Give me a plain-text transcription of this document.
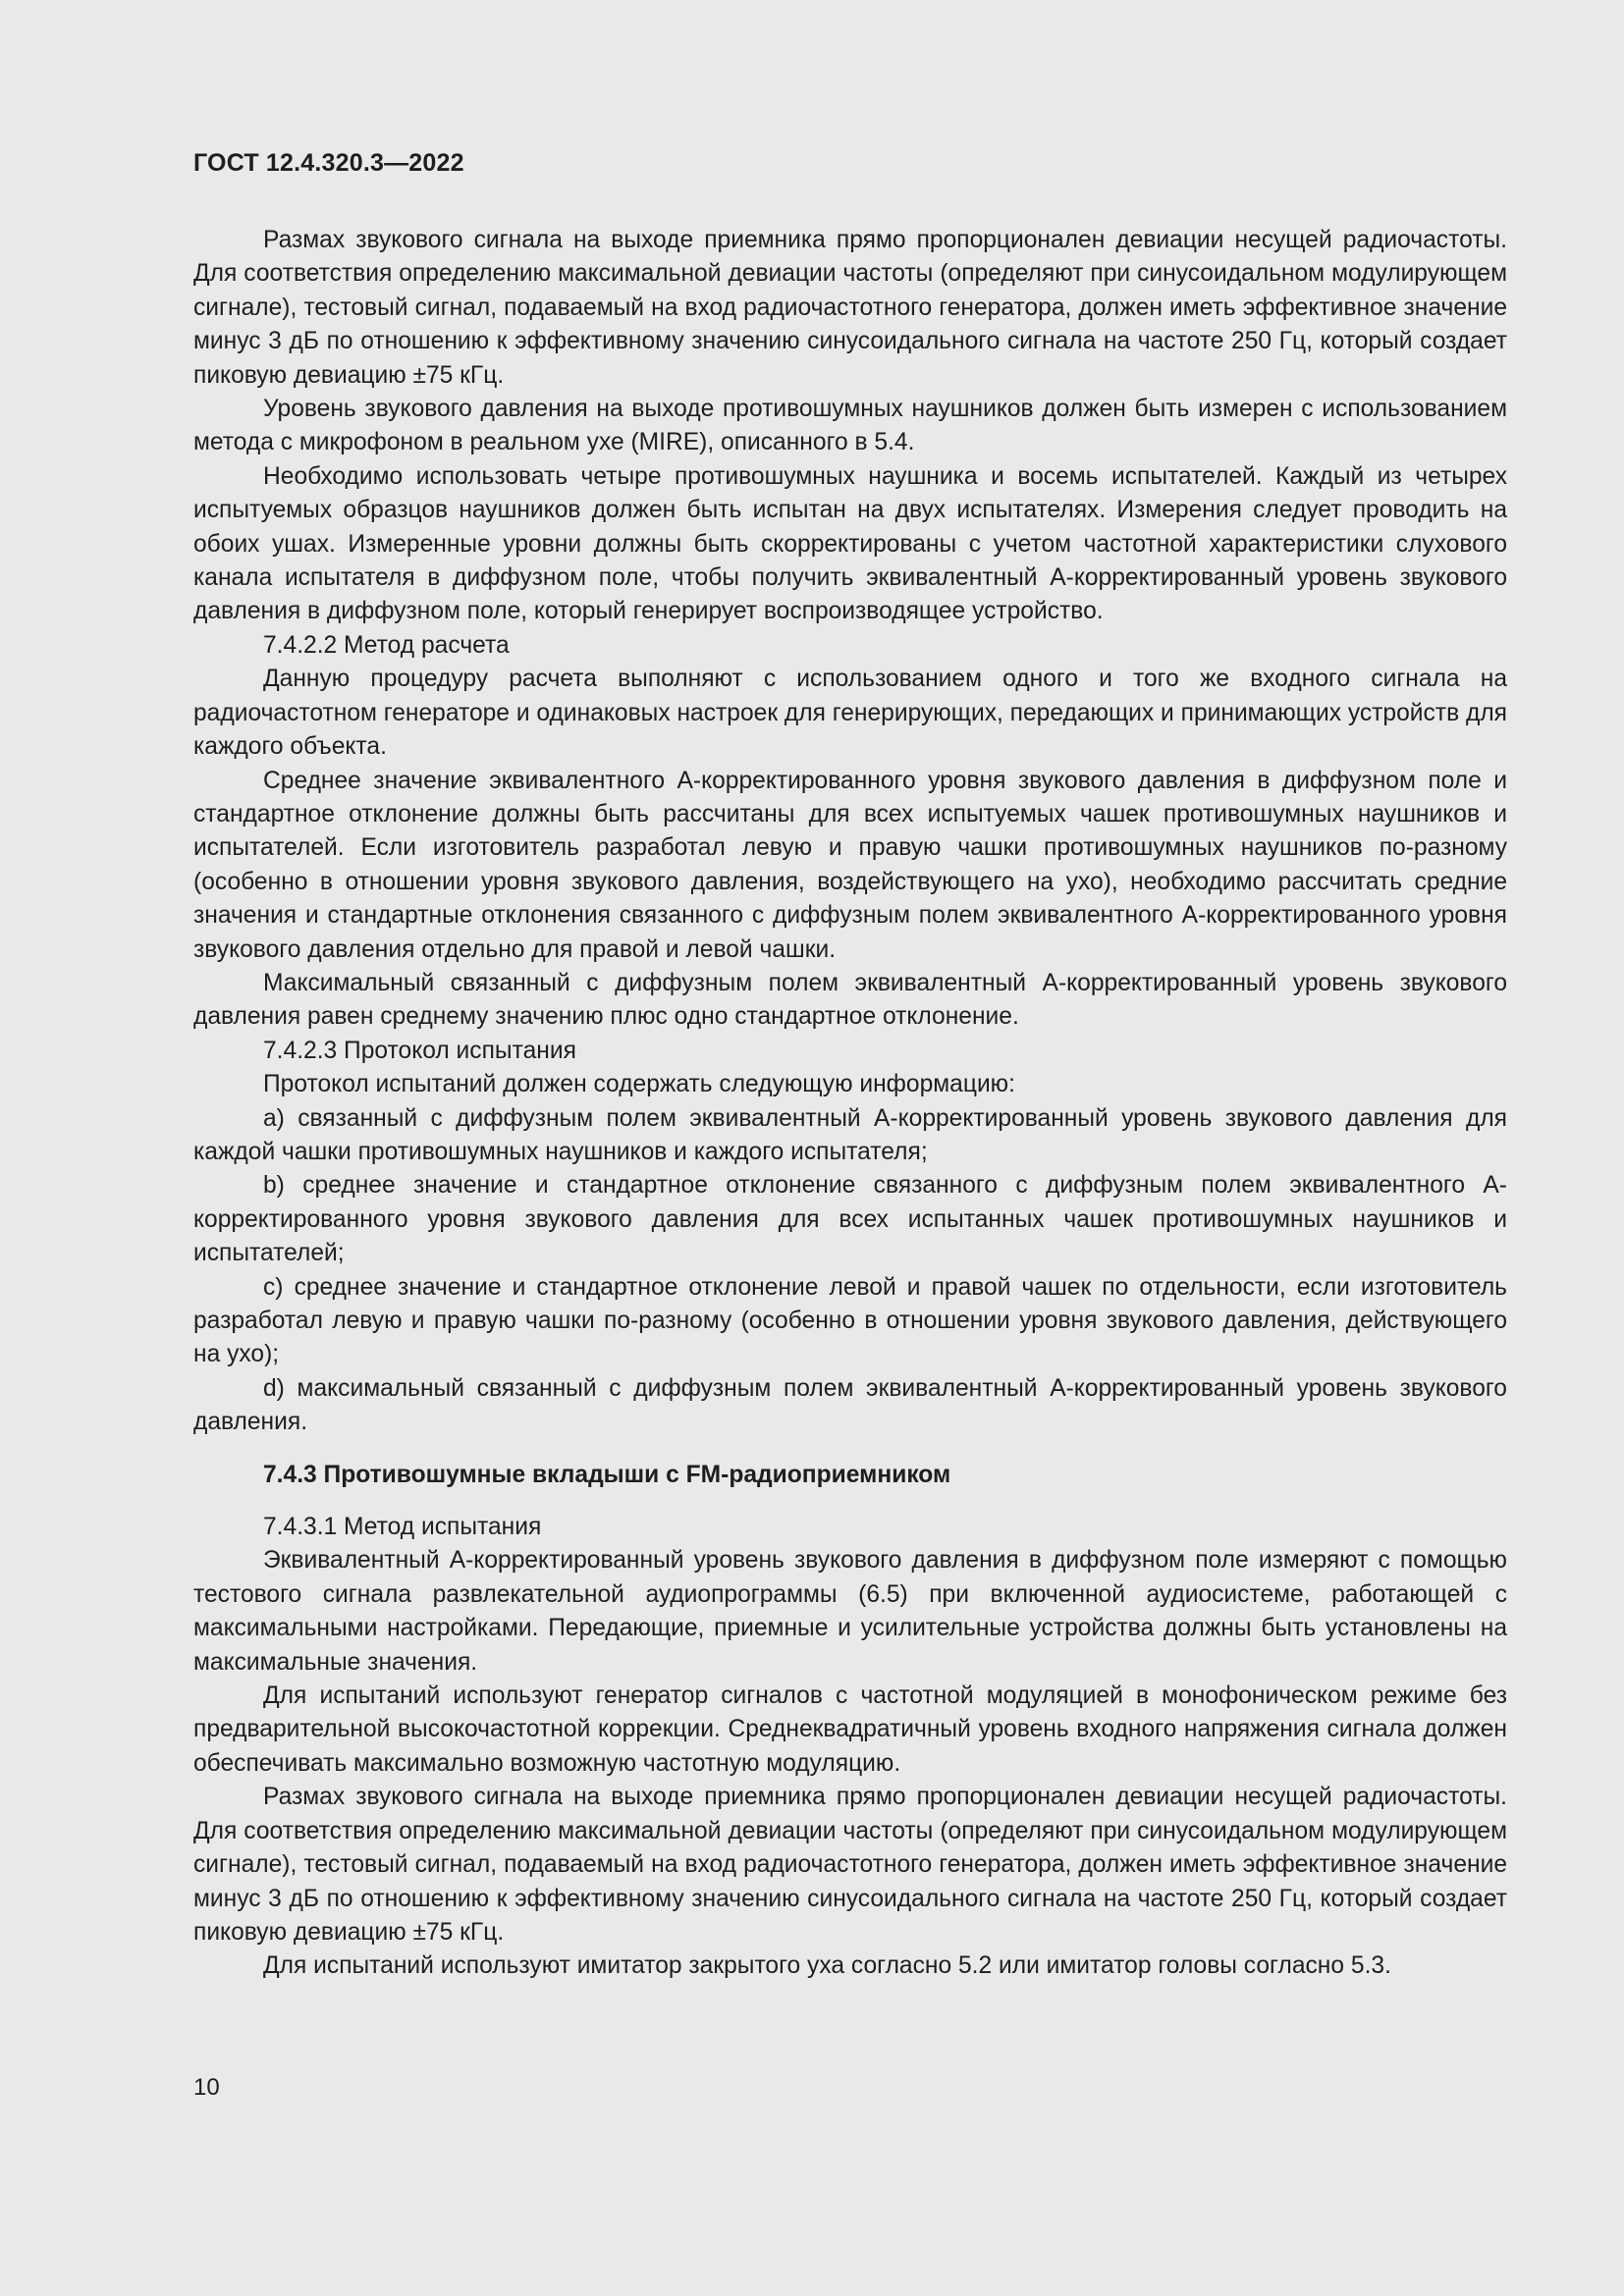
ГОСТ 12.4.320.3—2022

Размах звукового сигнала на выходе приемника прямо пропорционален девиации несущей радиочастоты. Для соответствия определению максимальной девиации частоты (определяют при синусоидальном модулирующем сигнале), тестовый сигнал, подаваемый на вход радиочастотного генератора, должен иметь эффективное значение минус 3 дБ по отношению к эффективному значению синусоидального сигнала на частоте 250 Гц, который создает пиковую девиацию ±75 кГц.

Уровень звукового давления на выходе противошумных наушников должен быть измерен с использованием метода с микрофоном в реальном ухе (MIRE), описанного в 5.4.

Необходимо использовать четыре противошумных наушника и восемь испытателей. Каждый из четырех испытуемых образцов наушников должен быть испытан на двух испытателях. Измерения следует проводить на обоих ушах. Измеренные уровни должны быть скорректированы с учетом частотной характеристики слухового канала испытателя в диффузном поле, чтобы получить эквивалентный А-корректированный уровень звукового давления в диффузном поле, который генерирует воспроизводящее устройство.

7.4.2.2 Метод расчета

Данную процедуру расчета выполняют с использованием одного и того же входного сигнала на радиочастотном генераторе и одинаковых настроек для генерирующих, передающих и принимающих устройств для каждого объекта.

Среднее значение эквивалентного А-корректированного уровня звукового давления в диффузном поле и стандартное отклонение должны быть рассчитаны для всех испытуемых чашек противошумных наушников и испытателей. Если изготовитель разработал левую и правую чашки противошумных наушников по-разному (особенно в отношении уровня звукового давления, воздействующего на ухо), необходимо рассчитать средние значения и стандартные отклонения связанного с диффузным полем эквивалентного А-корректированного уровня звукового давления отдельно для правой и левой чашки.

Максимальный связанный с диффузным полем эквивалентный А-корректированный уровень звукового давления равен среднему значению плюс одно стандартное отклонение.

7.4.2.3 Протокол испытания

Протокол испытаний должен содержать следующую информацию:

a) связанный с диффузным полем эквивалентный А-корректированный уровень звукового давления для каждой чашки противошумных наушников и каждого испытателя;

b) среднее значение и стандартное отклонение связанного с диффузным полем эквивалентного А-корректированного уровня звукового давления для всех испытанных чашек противошумных наушников и испытателей;

c) среднее значение и стандартное отклонение левой и правой чашек по отдельности, если изготовитель разработал левую и правую чашки по-разному (особенно в отношении уровня звукового давления, действующего на ухо);

d) максимальный связанный с диффузным полем эквивалентный А-корректированный уровень звукового давления.

7.4.3 Противошумные вкладыши с FM-радиоприемником

7.4.3.1 Метод испытания

Эквивалентный А-корректированный уровень звукового давления в диффузном поле измеряют с помощью тестового сигнала развлекательной аудиопрограммы (6.5) при включенной аудиосистеме, работающей с максимальными настройками. Передающие, приемные и усилительные устройства должны быть установлены на максимальные значения.

Для испытаний используют генератор сигналов с частотной модуляцией в монофоническом режиме без предварительной высокочастотной коррекции. Среднеквадратичный уровень входного напряжения сигнала должен обеспечивать максимально возможную частотную модуляцию.

Размах звукового сигнала на выходе приемника прямо пропорционален девиации несущей радиочастоты. Для соответствия определению максимальной девиации частоты (определяют при синусоидальном модулирующем сигнале), тестовый сигнал, подаваемый на вход радиочастотного генератора, должен иметь эффективное значение минус 3 дБ по отношению к эффективному значению синусоидального сигнала на частоте 250 Гц, который создает пиковую девиацию ±75 кГц.

Для испытаний используют имитатор закрытого уха согласно 5.2 или имитатор головы согласно 5.3.

10
